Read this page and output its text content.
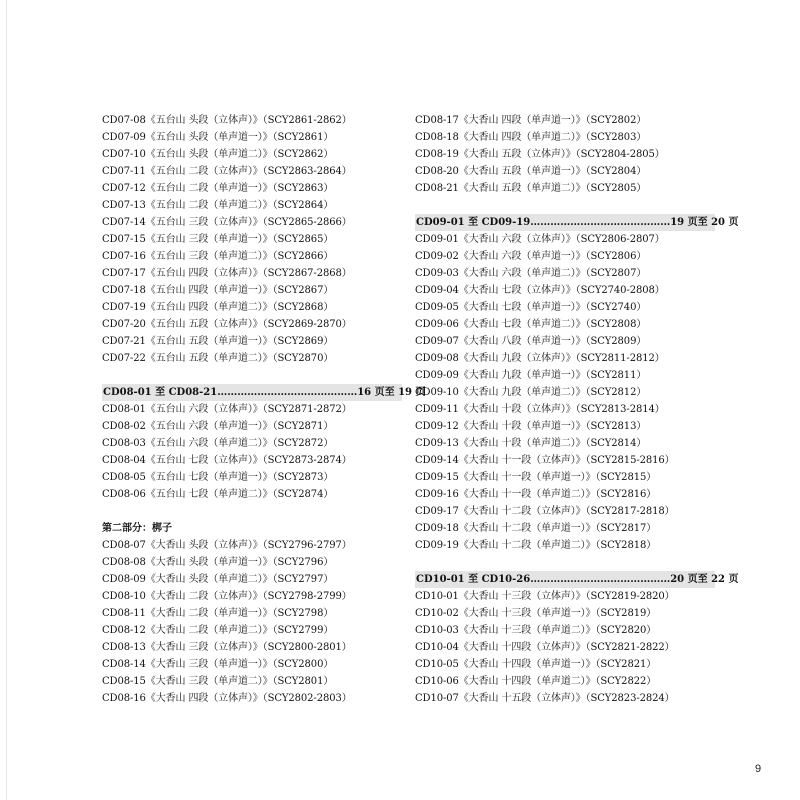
CD07-08《五台山 头段（立体声）》（SCY2861-2862）
CD07-09《五台山 头段（单声道一）》（SCY2861）
CD07-10《五台山 头段（单声道二）》（SCY2862）
CD07-11《五台山 二段（立体声）》（SCY2863-2864）
CD07-12《五台山 二段（单声道一）》（SCY2863）
CD07-13《五台山 二段（单声道二）》（SCY2864）
CD07-14《五台山 三段（立体声）》（SCY2865-2866）
CD07-15《五台山 三段（单声道一）》（SCY2865）
CD07-16《五台山 三段（单声道二）》（SCY2866）
CD07-17《五台山 四段（立体声）》（SCY2867-2868）
CD07-18《五台山 四段（单声道一）》（SCY2867）
CD07-19《五台山 四段（单声道二）》（SCY2868）
CD07-20《五台山 五段（立体声）》（SCY2869-2870）
CD07-21《五台山 五段（单声道一）》（SCY2869）
CD07-22《五台山 五段（单声道二）》（SCY2870）
CD08-01 至 CD08-21……………………………………16 页至 19 页
CD08-01《五台山 六段（立体声）》（SCY2871-2872）
CD08-02《五台山 六段（单声道一）》（SCY2871）
CD08-03《五台山 六段（单声道二）》（SCY2872）
CD08-04《五台山 七段（立体声）》（SCY2873-2874）
CD08-05《五台山 七段（单声道一）》（SCY2873）
CD08-06《五台山 七段（单声道二）》（SCY2874）
第二部分：梆子
CD08-07《大香山 头段（立体声）》（SCY2796-2797）
CD08-08《大香山 头段（单声道一）》（SCY2796）
CD08-09《大香山 头段（单声道二）》（SCY2797）
CD08-10《大香山 二段（立体声）》（SCY2798-2799）
CD08-11《大香山 二段（单声道一）》（SCY2798）
CD08-12《大香山 二段（单声道二）》（SCY2799）
CD08-13《大香山 三段（立体声）》（SCY2800-2801）
CD08-14《大香山 三段（单声道一）》（SCY2800）
CD08-15《大香山 三段（单声道二）》（SCY2801）
CD08-16《大香山 四段（立体声）》（SCY2802-2803）
CD08-17《大香山 四段（单声道一）》（SCY2802）
CD08-18《大香山 四段（单声道二）》（SCY2803）
CD08-19《大香山 五段（立体声）》（SCY2804-2805）
CD08-20《大香山 五段（单声道一）》（SCY2804）
CD08-21《大香山 五段（单声道二）》（SCY2805）
CD09-01 至 CD09-19……………………………………19 页至 20 页
CD09-01《大香山 六段（立体声）》（SCY2806-2807）
CD09-02《大香山 六段（单声道一）》（SCY2806）
CD09-03《大香山 六段（单声道二）》（SCY2807）
CD09-04《大香山 七段（立体声）》（SCY2740-2808）
CD09-05《大香山 七段（单声道一）》（SCY2740）
CD09-06《大香山 七段（单声道二）》（SCY2808）
CD09-07《大香山 八段（单声道一）》（SCY2809）
CD09-08《大香山 九段（立体声）》（SCY2811-2812）
CD09-09《大香山 九段（单声道一）》（SCY2811）
CD09-10《大香山 九段（单声道二）》（SCY2812）
CD09-11《大香山 十段（立体声）》（SCY2813-2814）
CD09-12《大香山 十段（单声道一）》（SCY2813）
CD09-13《大香山 十段（单声道二）》（SCY2814）
CD09-14《大香山 十一段（立体声）》（SCY2815-2816）
CD09-15《大香山 十一段（单声道一）》（SCY2815）
CD09-16《大香山 十一段（单声道二）》（SCY2816）
CD09-17《大香山 十二段（立体声）》（SCY2817-2818）
CD09-18《大香山 十二段（单声道一）》（SCY2817）
CD09-19《大香山 十二段（单声道二）》（SCY2818）
CD10-01 至 CD10-26……………………………………20 页至 22 页
CD10-01《大香山 十三段（立体声）》（SCY2819-2820）
CD10-02《大香山 十三段（单声道一）》（SCY2819）
CD10-03《大香山 十三段（单声道二）》（SCY2820）
CD10-04《大香山 十四段（立体声）》（SCY2821-2822）
CD10-05《大香山 十四段（单声道一）》（SCY2821）
CD10-06《大香山 十四段（单声道二）》（SCY2822）
CD10-07《大香山 十五段（立体声）》（SCY2823-2824）
9
